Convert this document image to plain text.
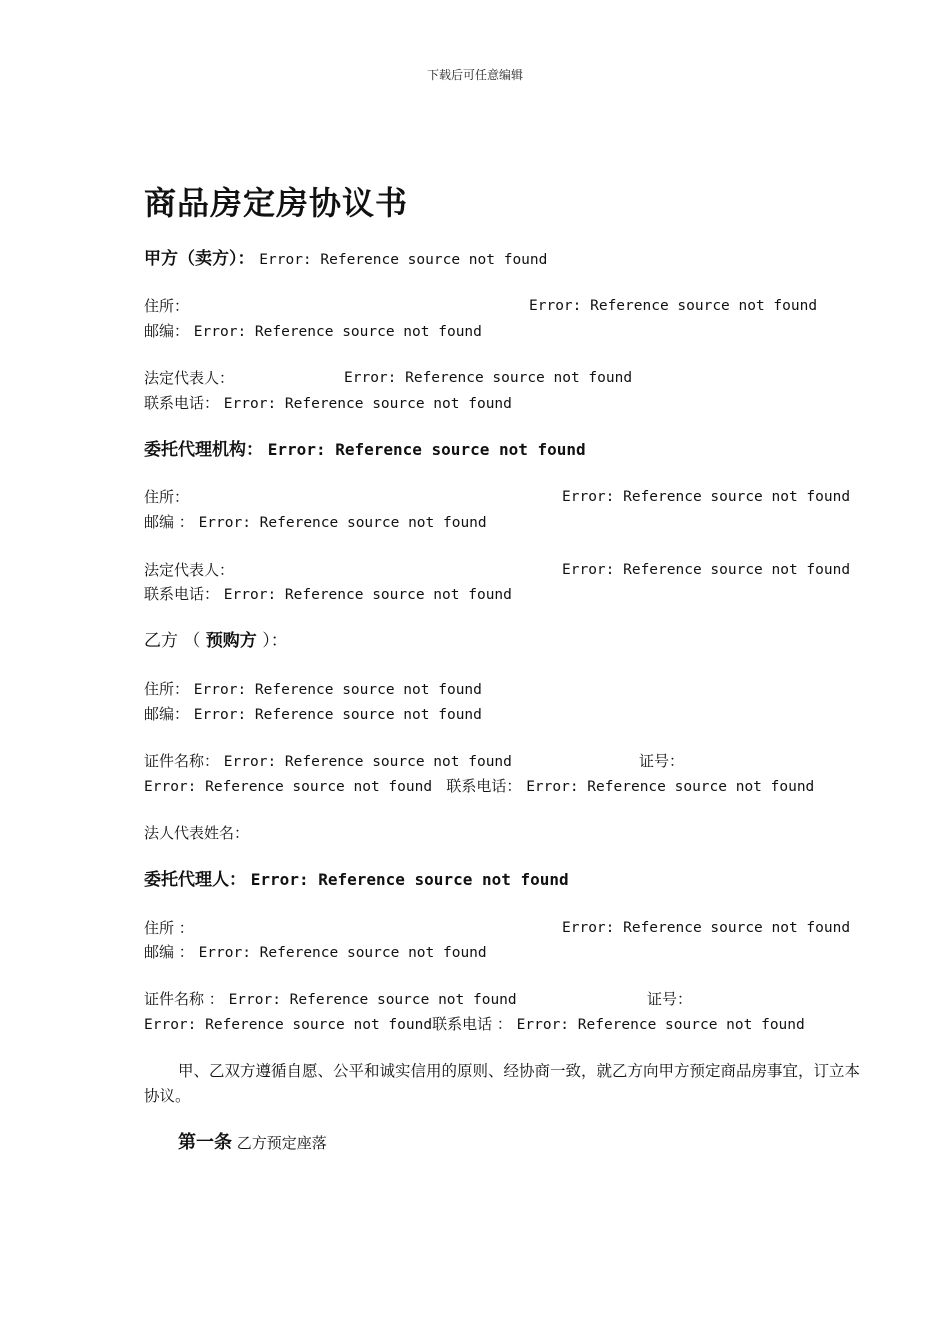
下载后可任意编辑
商品房定房协议书
甲方（卖方）： Error: Reference source not found
住所：	Error: Reference source not found
邮编： Error: Reference source not found
法定代表人：	Error: Reference source not found
联系电话： Error: Reference source not found
委托代理机构： Error: Reference source not found
住所：	Error: Reference source not found
邮编 ： Error: Reference source not found
法定代表人：	Error: Reference source not found
联系电话： Error: Reference source not found
乙方 （ 预购方 ）：
住所： Error: Reference source not found
邮编： Error: Reference source not found
证件名称： Error: Reference source not found	证号：
Error: Reference source not found 联系电话： Error: Reference source not found
法人代表姓名：
委托代理人： Error: Reference source not found
住所 ：	Error: Reference source not found
邮编 ： Error: Reference source not found
证件名称 ： Error: Reference source not found	证号：
Error: Reference source not found联系电话 ： Error: Reference source not found
甲、乙双方遵循自愿、公平和诚实信用的原则、经协商一致，就乙方向甲方预定商品房事宜，订立本协议。
第一条 乙方预定座落
